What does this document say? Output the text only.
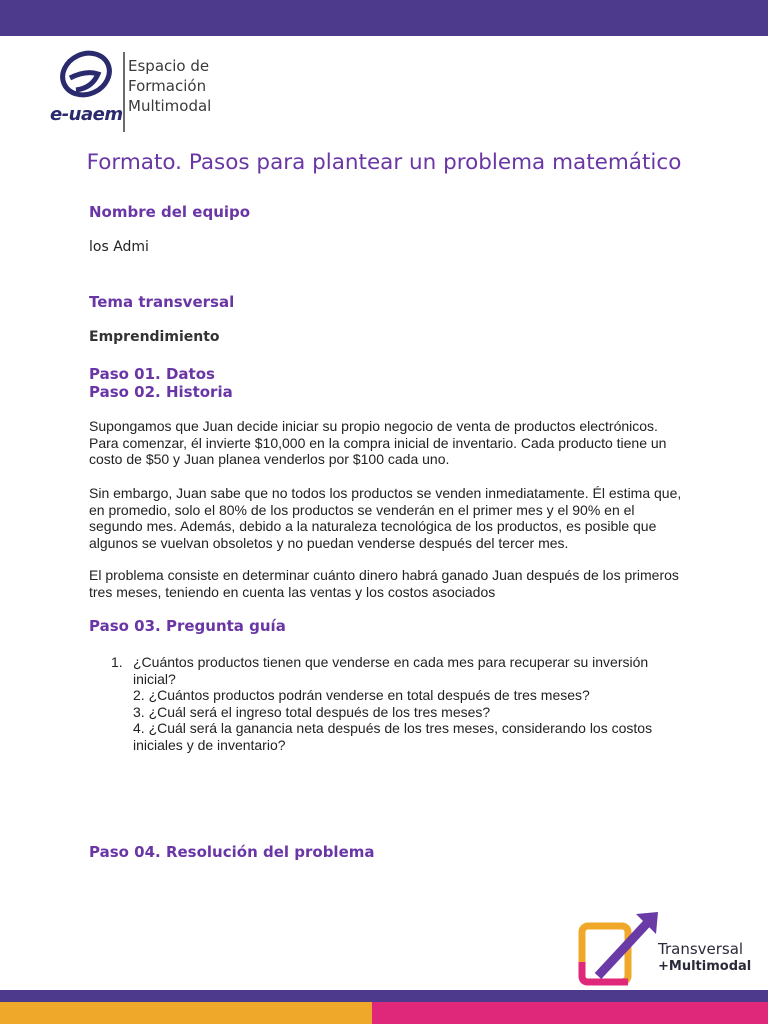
Espacio de
Formación
Multimodal
e-uaem
Formato. Pasos para plantear un problema matemático
Nombre del equipo
los Admi
Tema transversal
Emprendimiento
Paso 01. Datos
Paso 02. Historia
Supongamos que Juan decide iniciar su propio negocio de venta de productos electrónicos.
Para comenzar, él invierte $10,000 en la compra inicial de inventario. Cada producto tiene un
costo de $50 y Juan planea venderlos por $100 cada uno.
Sin embargo, Juan sabe que no todos los productos se venden inmediatamente. Él estima que,
en promedio, solo el 80% de los productos se venderán en el primer mes y el 90% en el
segundo mes. Además, debido a la naturaleza tecnológica de los productos, es posible que
algunos se vuelvan obsoletos y no puedan venderse después del tercer mes.
El problema consiste en determinar cuánto dinero habrá ganado Juan después de los primeros
tres meses, teniendo en cuenta las ventas y los costos asociados
Paso 03. Pregunta guía
1. ¿Cuántos productos tienen que venderse en cada mes para recuperar su inversión
inicial?
2. ¿Cuántos productos podrán venderse en total después de tres meses?
3. ¿Cuál será el ingreso total después de los tres meses?
4. ¿Cuál será la ganancia neta después de los tres meses, considerando los costos
iniciales y de inventario?
Paso 04. Resolución del problema
Transversal
+Multimodal
